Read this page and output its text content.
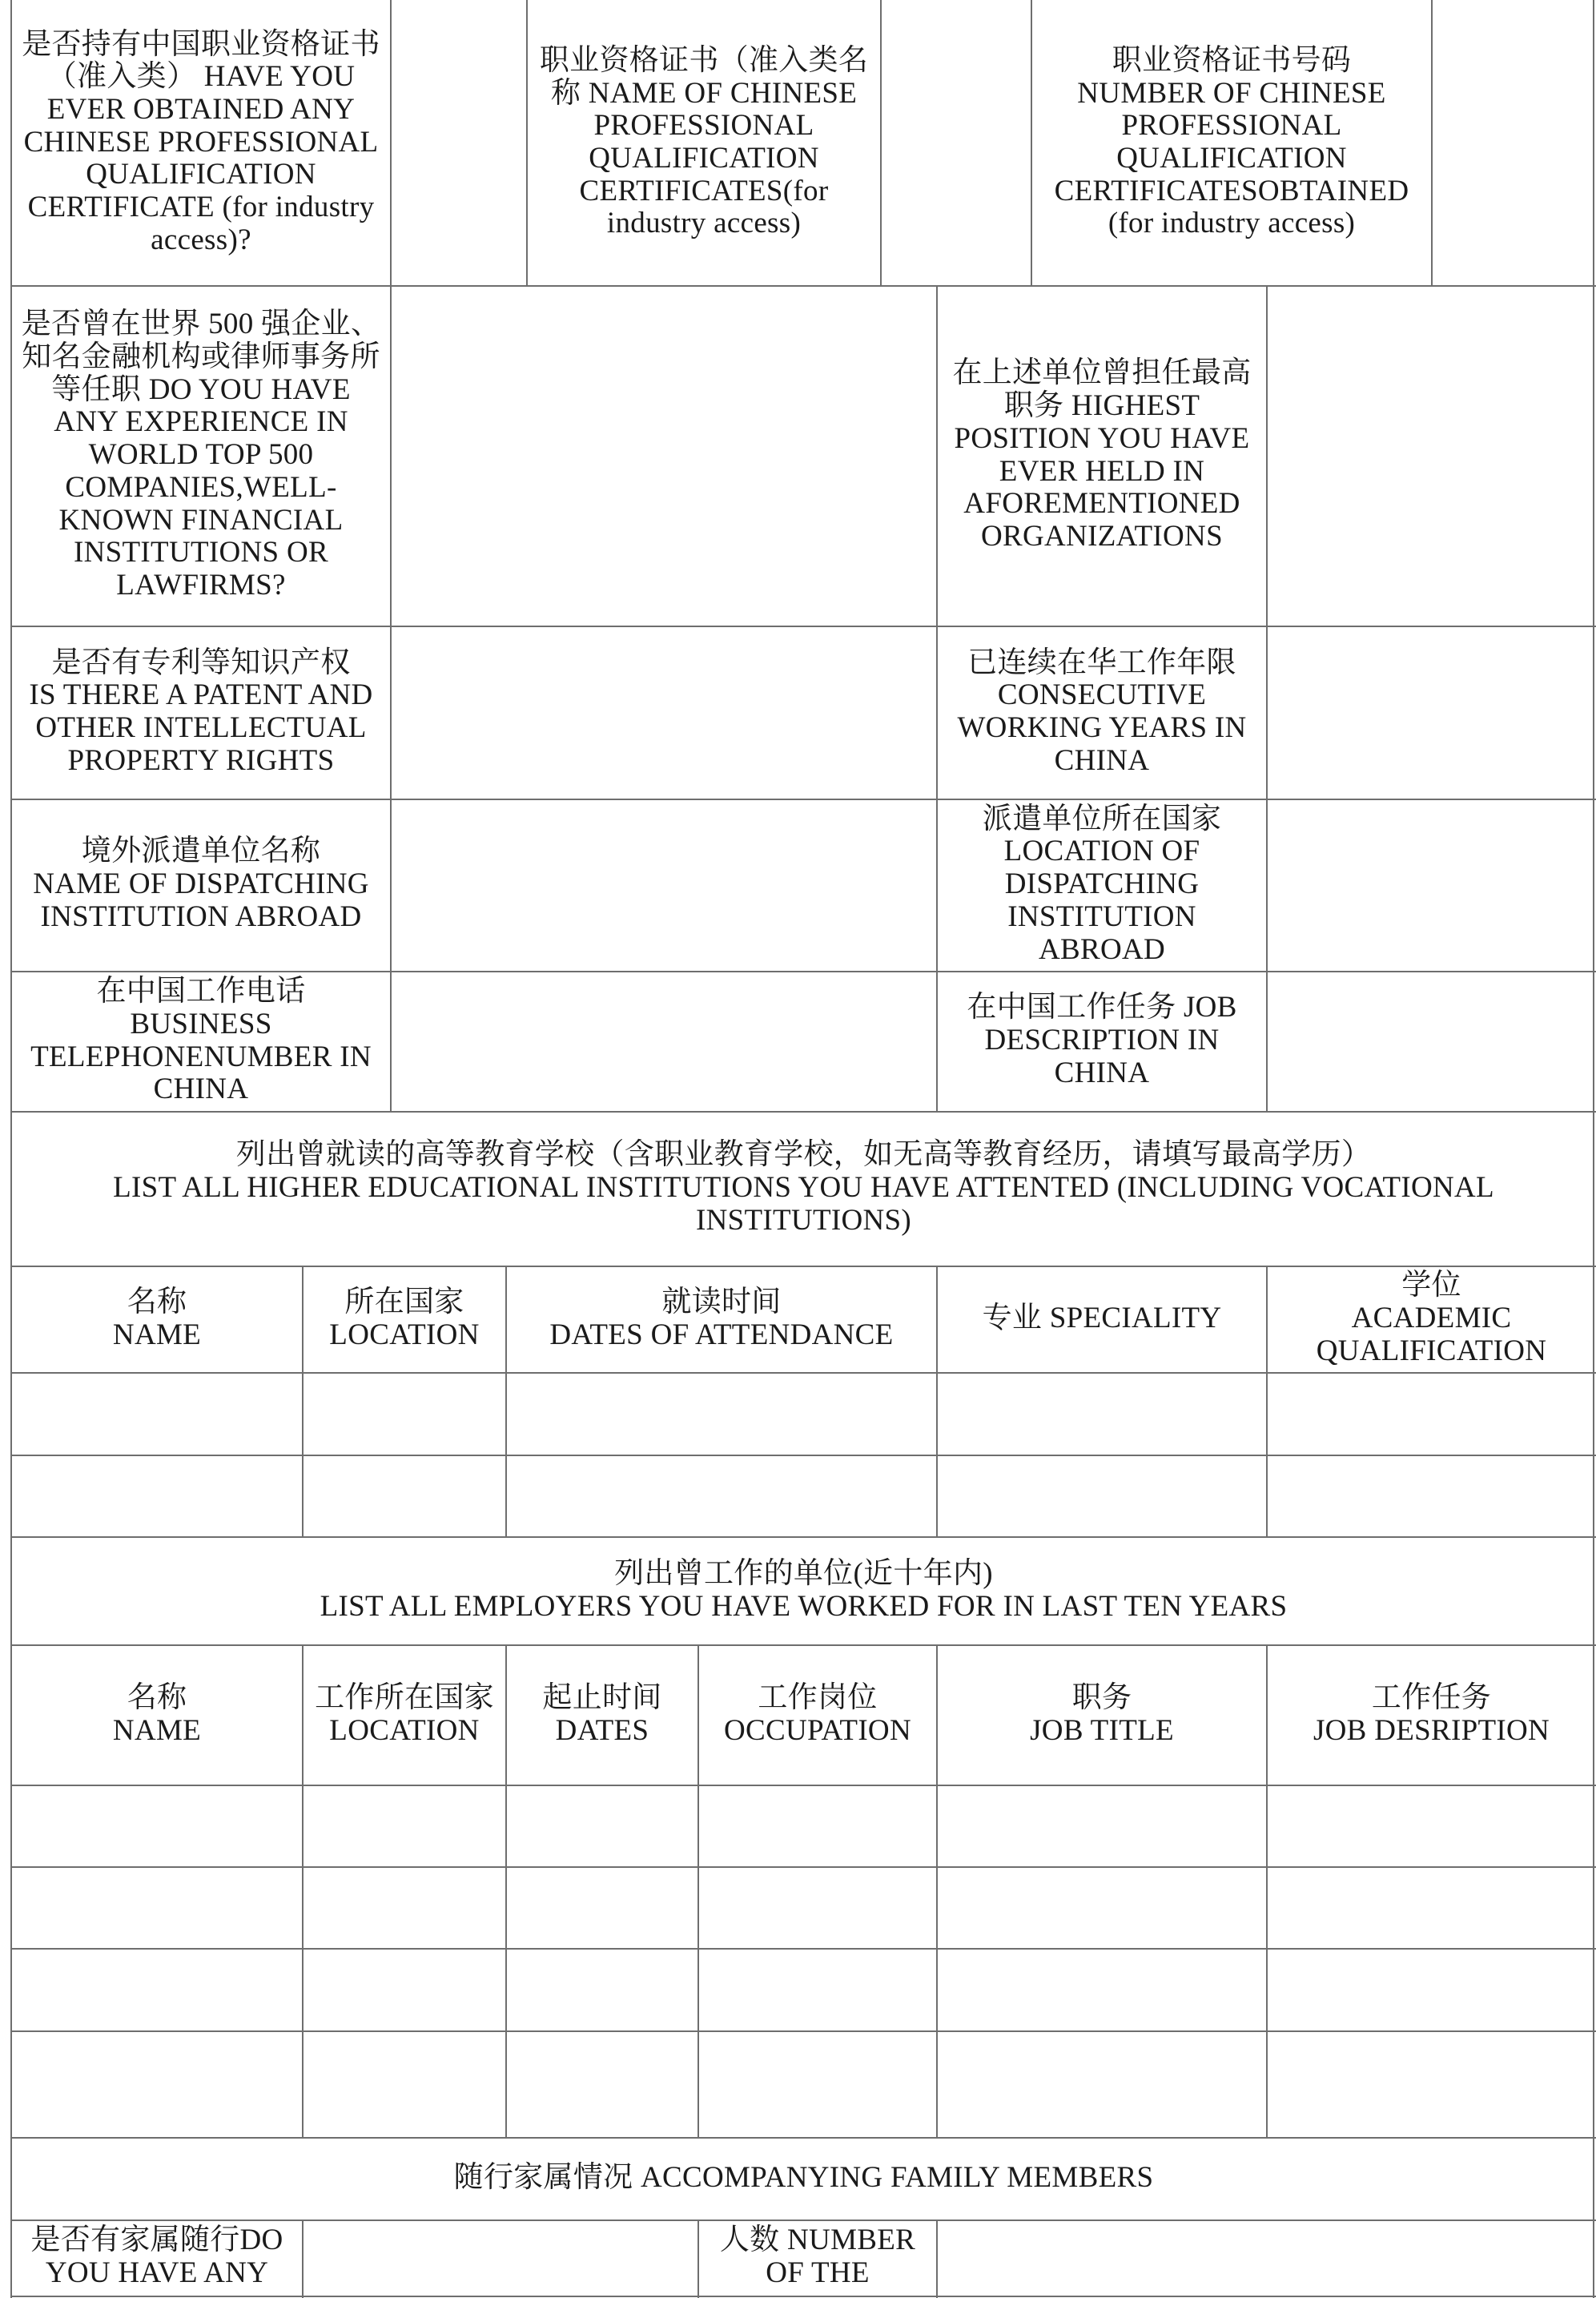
是否持有中国职业资格证书（准入类） HAVE YOU EVER OBTAINED ANY CHINESE PROFESSIONAL QUALIFICATION CERTIFICATE (for industry access)?
职业资格证书（准入类名 称 NAME OF CHINESE PROFESSIONAL QUALIFICATION CERTIFICATES(for industry access)
职业资格证书号码
NUMBER OF CHINESE PROFESSIONAL QUALIFICATION CERTIFICATESOBTAINED
(for industry access)
是否曾在世界 500 强企业、知名金融机构或律师事务所等任职 DO YOU HAVE ANY EXPERIENCE IN WORLD TOP 500 COMPANIES,WELL-KNOWN FINANCIAL INSTITUTIONS OR LAWFIRMS?
在上述单位曾担任最高职务 HIGHEST POSITION YOU HAVE EVER HELD IN AFOREMENTIONED ORGANIZATIONS
是否有专利等知识产权
IS THERE A PATENT AND OTHER INTELLECTUAL PROPERTY RIGHTS
已连续在华工作年限
CONSECUTIVE WORKING YEARS IN CHINA
境外派遣单位名称
NAME OF DISPATCHING INSTITUTION ABROAD
派遣单位所在国家
LOCATION OF DISPATCHING INSTITUTION ABROAD
在中国工作电话
BUSINESS TELEPHONENUMBER IN CHINA
在中国工作任务 JOB DESCRIPTION IN CHINA
列出曾就读的高等教育学校（含职业教育学校，如无高等教育经历，请填写最高学历）
LIST ALL HIGHER EDUCATIONAL INSTITUTIONS YOU HAVE ATTENTED (INCLUDING VOCATIONAL INSTITUTIONS)
名称
NAME
所在国家
LOCATION
就读时间
DATES OF ATTENDANCE	专业 SPECIALITY
学位
ACADEMIC QUALIFICATION
列出曾工作的单位(近十年内)
LIST ALL EMPLOYERS YOU HAVE WORKED FOR IN LAST TEN YEARS
名称
NAME
工作所在国家
LOCATION
起止时间
DATES
工作岗位
OCCUPATION
职务
JOB TITLE
工作任务
JOB DESRIPTION
随行家属情况 ACCOMPANYING FAMILY MEMBERS
是否有家属随行DO YOU HAVE ANY
人数 NUMBER OF THE
